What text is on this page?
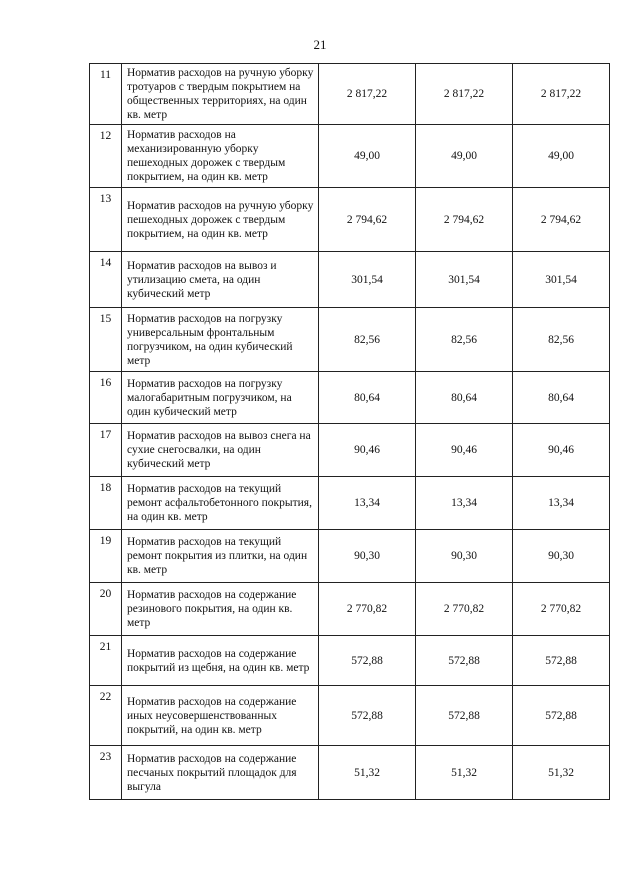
21
11	Норматив расходов на ручную уборку тротуаров с твердым покрытием на общественных территориях, на один кв. метр	2 817,22	2 817,22	2 817,22
12	Норматив расходов на механизированную уборку пешеходных дорожек с твердым покрытием, на один кв. метр	49,00	49,00	49,00
13	Норматив расходов на ручную уборку пешеходных дорожек с твердым покрытием, на один кв. метр	2 794,62	2 794,62	2 794,62
14	Норматив расходов на вывоз и утилизацию смета, на один кубический метр	301,54	301,54	301,54
15	Норматив расходов на погрузку универсальным фронтальным погрузчиком, на один кубический метр	82,56	82,56	82,56
16	Норматив расходов на погрузку малогабаритным погрузчиком, на один кубический метр	80,64	80,64	80,64
17	Норматив расходов на вывоз снега на сухие снегосвалки, на один кубический метр	90,46	90,46	90,46
18	Норматив расходов на текущий ремонт асфальтобетонного покрытия, на один кв. метр	13,34	13,34	13,34
19	Норматив расходов на текущий ремонт покрытия из плитки, на один кв. метр	90,30	90,30	90,30
20	Норматив расходов на содержание резинового покрытия, на один кв. метр	2 770,82	2 770,82	2 770,82
21	Норматив расходов на содержание покрытий из щебня, на один кв. метр	572,88	572,88	572,88
22	Норматив расходов на содержание иных неусовершенствованных покрытий, на один кв. метр	572,88	572,88	572,88
23	Норматив расходов на содержание песчаных покрытий площадок для выгула	51,32	51,32	51,32
